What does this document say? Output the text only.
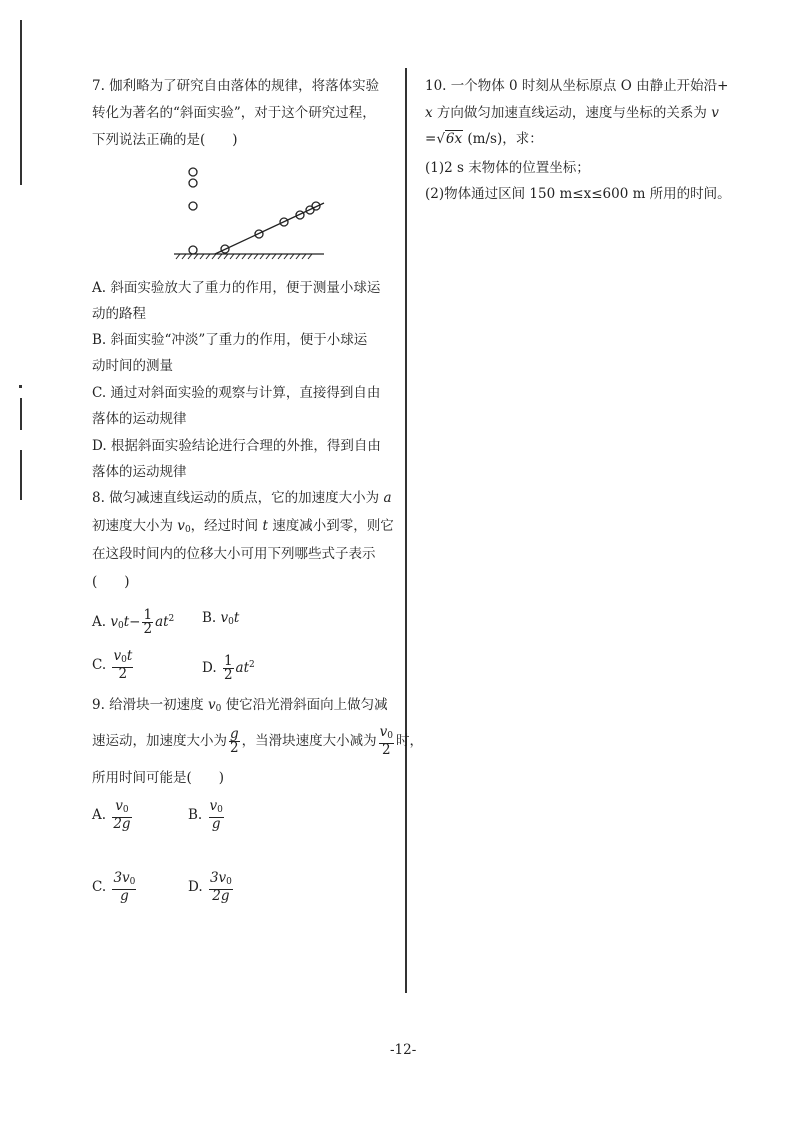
7. 伽利略为了研究自由落体的规律，将落体实验
转化为著名的“斜面实验”，对于这个研究过程，
下列说法正确的是(　　)
A. 斜面实验放大了重力的作用，便于测量小球运
动的路程
B. 斜面实验“冲淡”了重力的作用，便于小球运
动时间的测量
C. 通过对斜面实验的观察与计算，直接得到自由
落体的运动规律
D. 根据斜面实验结论进行合理的外推，得到自由
落体的运动规律
8. 做匀减速直线运动的质点，它的加速度大小为 a
初速度大小为 $v_0$，经过时间 t 速度减小到零，则它
在这段时间内的位移大小可用下列哪些式子表示
(　　)
A. $v_0t- \frac{1}{2} at^2$ B. $v_0t$
C. $\frac{v_0t}{2}$	D. $\frac{1}{2} at^2$
9. 给滑块一初速度 $v_0$ 使它沿光滑斜面向上做匀减
速运动，加速度大小为 $\frac{g}{2}$ ，当滑块速度大小减为 $\frac{v_0}{2}$ 时，
所用时间可能是(　　)
A. $\frac{v_0}{2g}$	B. $\frac{v_0}{g}$
C. $\frac{3v_0}{g}$	D. $\frac{3v_0}{2g}$
10. 一个物体 0 时刻从坐标原点 O 由静止开始沿+
x 方向做匀加速直线运动，速度与坐标的关系为 v
=√6x (m/s)，求：
(1)2 s 末物体的位置坐标；
(2)物体通过区间 150 m≤x≤600 m 所用的时间。
-12-
